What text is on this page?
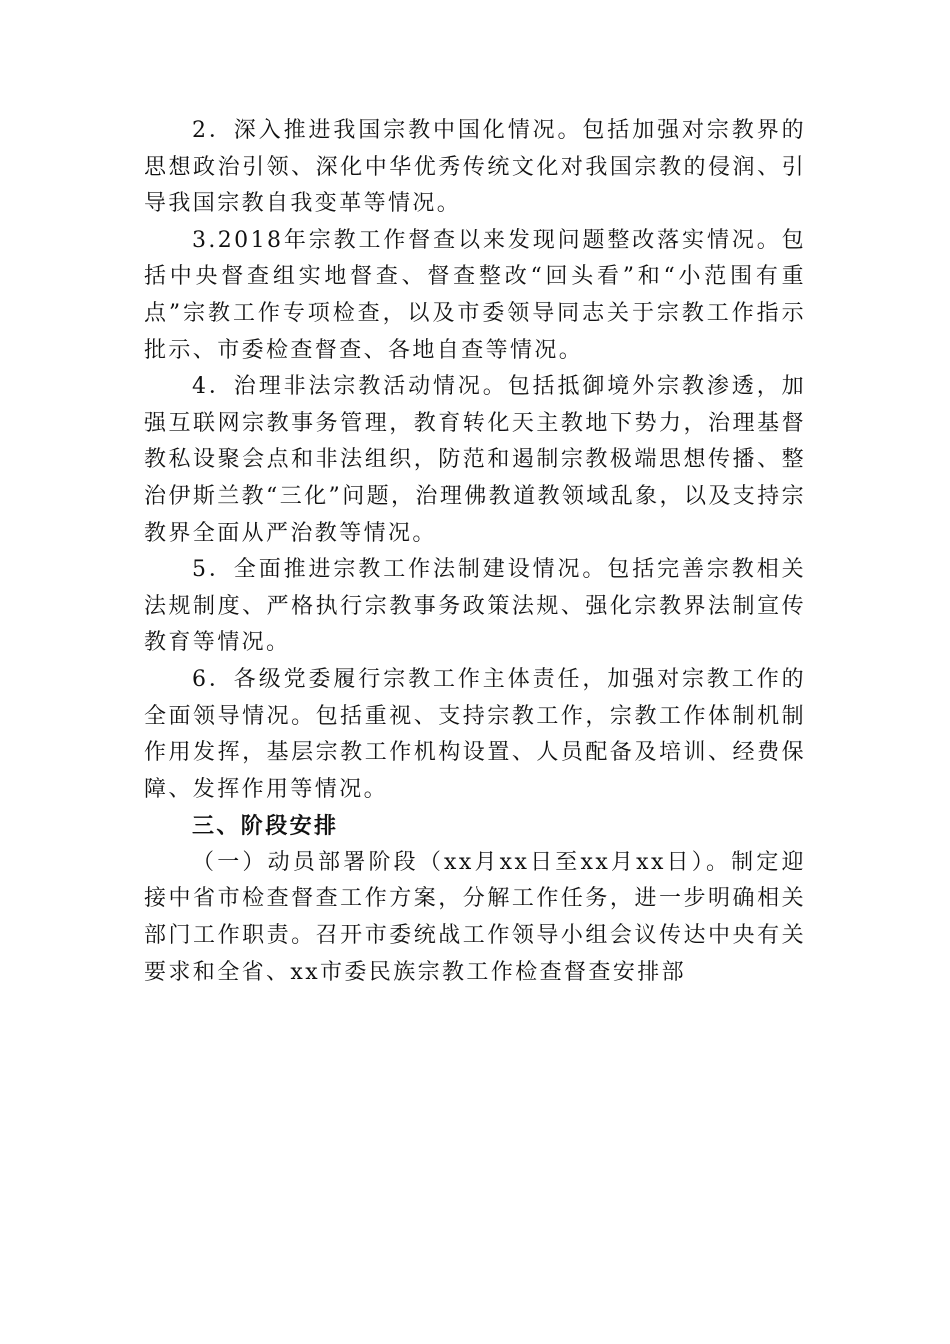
2．深入推进我国宗教中国化情况。包括加强对宗教界的思想政治引领、深化中华优秀传统文化对我国宗教的侵润、引导我国宗教自我变革等情况。

3.2018年宗教工作督查以来发现问题整改落实情况。包括中央督查组实地督查、督查整改“回头看”和“小范围有重点”宗教工作专项检查，以及市委领导同志关于宗教工作指示批示、市委检查督查、各地自查等情况。

4．治理非法宗教活动情况。包括抵御境外宗教渗透，加强互联网宗教事务管理，教育转化天主教地下势力，治理基督教私设聚会点和非法组织，防范和遏制宗教极端思想传播、整治伊斯兰教“三化”问题，治理佛教道教领域乱象，以及支持宗教界全面从严治教等情况。

5．全面推进宗教工作法制建设情况。包括完善宗教相关法规制度、严格执行宗教事务政策法规、强化宗教界法制宣传教育等情况。

6．各级党委履行宗教工作主体责任，加强对宗教工作的全面领导情况。包括重视、支持宗教工作，宗教工作体制机制作用发挥，基层宗教工作机构设置、人员配备及培训、经费保障、发挥作用等情况。

三、阶段安排

（一）动员部署阶段（xx月xx日至xx月xx日）。制定迎接中省市检查督查工作方案，分解工作任务，进一步明确相关部门工作职责。召开市委统战工作领导小组会议传达中央有关要求和全省、xx市委民族宗教工作检查督查安排部
